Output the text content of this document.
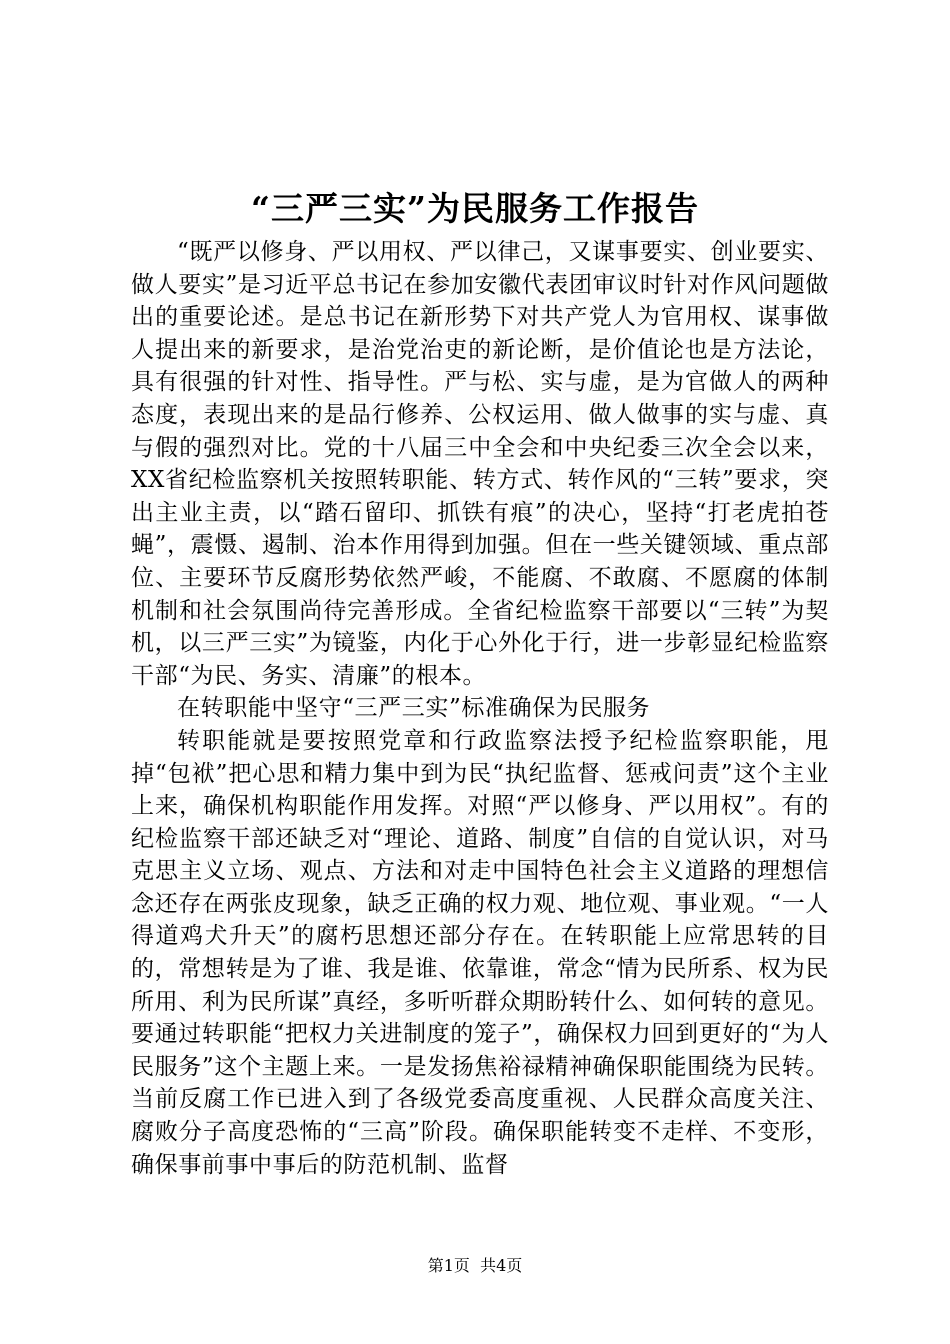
“三严三实”为民服务工作报告

“既严以修身、严以用权、严以律己，又谋事要实、创业要实、做人要实”是习近平总书记在参加安徽代表团审议时针对作风问题做出的重要论述。是总书记在新形势下对共产党人为官用权、谋事做人提出来的新要求，是治党治吏的新论断，是价值论也是方法论，具有很强的针对性、指导性。严与松、实与虚，是为官做人的两种态度，表现出来的是品行修养、公权运用、做人做事的实与虚、真与假的强烈对比。党的十八届三中全会和中央纪委三次全会以来，XX省纪检监察机关按照转职能、转方式、转作风的“三转”要求，突出主业主责，以“踏石留印、抓铁有痕”的决心，坚持“打老虎拍苍蝇”，震慑、遏制、治本作用得到加强。但在一些关键领域、重点部位、主要环节反腐形势依然严峻，不能腐、不敢腐、不愿腐的体制机制和社会氛围尚待完善形成。全省纪检监察干部要以“三转”为契机，以三严三实”为镜鉴，内化于心外化于行，进一步彰显纪检监察干部“为民、务实、清廉”的根本。

在转职能中坚守“三严三实”标准确保为民服务

转职能就是要按照党章和行政监察法授予纪检监察职能，甩掉“包袱”把心思和精力集中到为民“执纪监督、惩戒问责”这个主业上来，确保机构职能作用发挥。对照“严以修身、严以用权”。有的纪检监察干部还缺乏对“理论、道路、制度”自信的自觉认识，对马克思主义立场、观点、方法和对走中国特色社会主义道路的理想信念还存在两张皮现象，缺乏正确的权力观、地位观、事业观。“一人得道鸡犬升天”的腐朽思想还部分存在。在转职能上应常思转的目的，常想转是为了谁、我是谁、依靠谁，常念“情为民所系、权为民所用、利为民所谋”真经，多听听群众期盼转什么、如何转的意见。要通过转职能“把权力关进制度的笼子”，确保权力回到更好的“为人民服务”这个主题上来。一是发扬焦裕禄精神确保职能围绕为民转。当前反腐工作已进入到了各级党委高度重视、人民群众高度关注、腐败分子高度恐怖的“三高”阶段。确保职能转变不走样、不变形，确保事前事中事后的防范机制、监督

第1页  共4页
